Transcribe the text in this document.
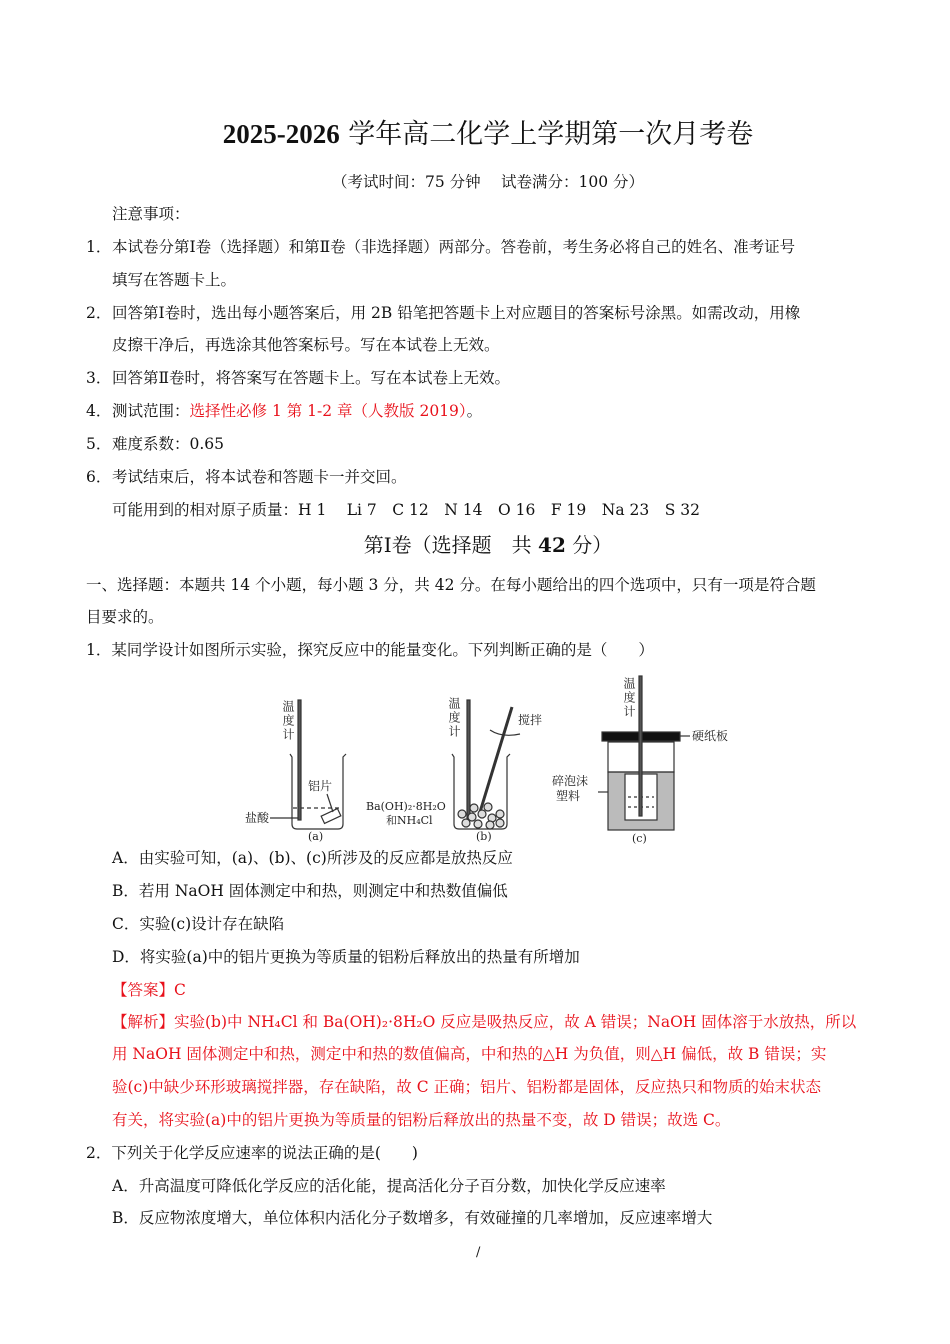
2025-2026 学年高二化学上学期第一次月考卷
（考试时间：75 分钟　 试卷满分：100 分）
注意事项：
1． 本试卷分第Ⅰ卷（选择题）和第Ⅱ卷（非选择题）两部分。答卷前，考生务必将自己的姓名、准考证号
填写在答题卡上。
2． 回答第Ⅰ卷时，选出每小题答案后，用 2B 铅笔把答题卡上对应题目的答案标号涂黑。如需改动，用橡
皮擦干净后，再选涂其他答案标号。写在本试卷上无效。
3． 回答第Ⅱ卷时，将答案写在答题卡上。写在本试卷上无效。
4． 测试范围：选择性必修 1 第 1-2 章（人教版 2019）。
5． 难度系数：0.65
6． 考试结束后，将本试卷和答题卡一并交回。
可能用到的相对原子质量：H 1　 Li 7　C 12　N 14　O 16　F 19　Na 23　S 32
第Ⅰ卷（选择题　共 42 分）
一、选择题：本题共 14 个小题，每小题 3 分，共 42 分。在每小题给出的四个选项中，只有一项是符合题
目要求的。
1．某同学设计如图所示实验，探究反应中的能量变化。下列判断正确的是（　　）
铝片
盐酸
(a)
搅拌
Ba(OH)₂·8H₂O
和NH₄Cl
(b)
硬纸板
碎泡沫
塑料
(c)
温度计	温度计	温度计
A．由实验可知，(a)、(b)、(c)所涉及的反应都是放热反应
B．若用 NaOH 固体测定中和热，则测定中和热数值偏低
C．实验(c)设计存在缺陷
D．将实验(a)中的铝片更换为等质量的铝粉后释放出的热量有所增加
【答案】C
【解析】实验(b)中 NH₄Cl 和 Ba(OH)₂·8H₂O 反应是吸热反应，故 A 错误；NaOH 固体溶于水放热，所以
用 NaOH 固体测定中和热，测定中和热的数值偏高，中和热的△H 为负值，则△H 偏低，故 B 错误；实
验(c)中缺少环形玻璃搅拌器，存在缺陷，故 C 正确；铝片、铝粉都是固体，反应热只和物质的始末状态
有关，将实验(a)中的铝片更换为等质量的铝粉后释放出的热量不变，故 D 错误；故选 C。
2．下列关于化学反应速率的说法正确的是(　　)
A．升高温度可降低化学反应的活化能，提高活化分子百分数，加快化学反应速率
B．反应物浓度增大，单位体积内活化分子数增多，有效碰撞的几率增加，反应速率增大
/
